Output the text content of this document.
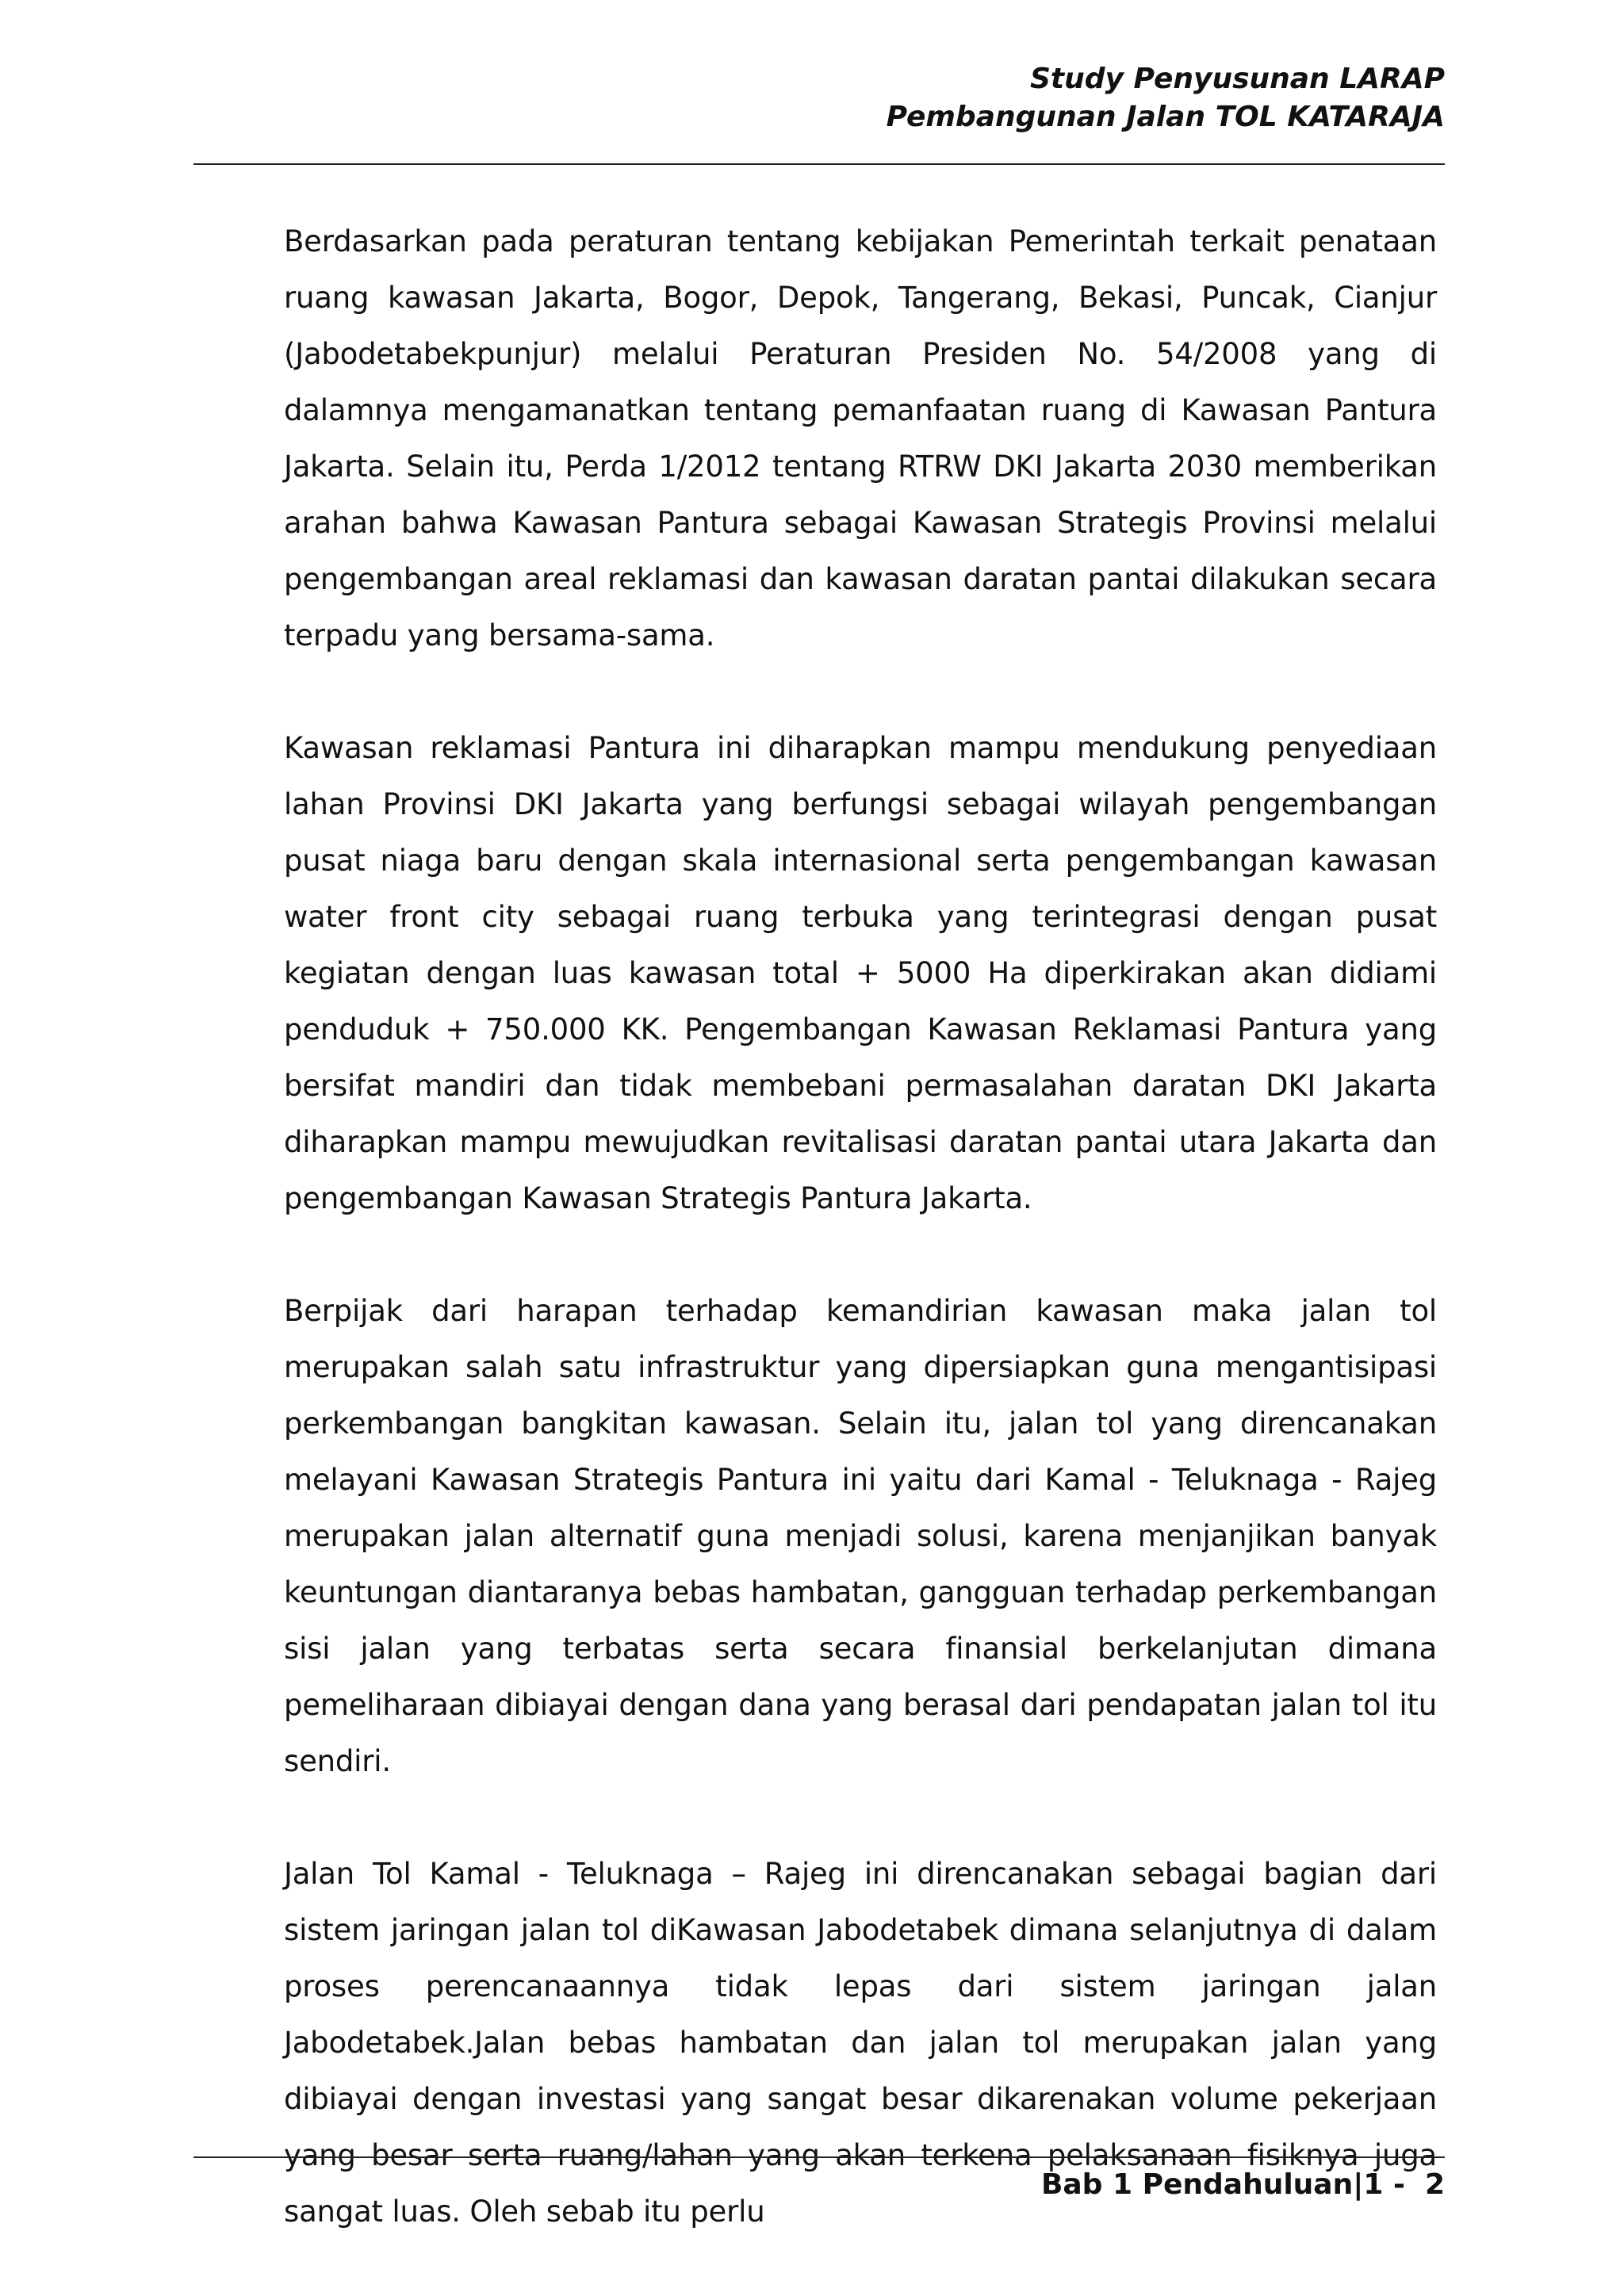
Study Penyusunan LARAP
Pembangunan Jalan TOL KATARAJA

Berdasarkan pada peraturan tentang kebijakan Pemerintah terkait penataan ruang kawasan Jakarta, Bogor, Depok, Tangerang, Bekasi, Puncak, Cianjur (Jabodetabekpunjur) melalui Peraturan Presiden No. 54/2008 yang di dalamnya mengamanatkan tentang pemanfaatan ruang di Kawasan Pantura Jakarta. Selain itu, Perda 1/2012 tentang RTRW DKI Jakarta 2030 memberikan arahan bahwa Kawasan Pantura sebagai Kawasan Strategis Provinsi melalui pengembangan areal reklamasi dan kawasan daratan pantai dilakukan secara terpadu yang bersama-sama.

Kawasan reklamasi Pantura ini diharapkan mampu mendukung penyediaan lahan Provinsi DKI Jakarta yang berfungsi sebagai wilayah pengembangan pusat niaga baru dengan skala internasional serta pengembangan kawasan water front city sebagai ruang terbuka yang terintegrasi dengan pusat kegiatan dengan luas kawasan total + 5000 Ha diperkirakan akan didiami penduduk + 750.000 KK. Pengembangan Kawasan Reklamasi Pantura yang bersifat mandiri dan tidak membebani permasalahan daratan DKI Jakarta diharapkan mampu mewujudkan revitalisasi daratan pantai utara Jakarta dan pengembangan Kawasan Strategis Pantura Jakarta.

Berpijak dari harapan terhadap kemandirian kawasan maka jalan tol merupakan salah satu infrastruktur yang dipersiapkan guna mengantisipasi perkembangan bangkitan kawasan. Selain itu, jalan tol yang direncanakan melayani Kawasan Strategis Pantura ini yaitu dari Kamal - Teluknaga - Rajeg merupakan jalan alternatif guna menjadi solusi, karena menjanjikan banyak keuntungan diantaranya bebas hambatan, gangguan terhadap perkembangan sisi jalan yang terbatas serta secara finansial berkelanjutan dimana pemeliharaan dibiayai dengan dana yang berasal dari pendapatan jalan tol itu sendiri.

Jalan Tol Kamal - Teluknaga – Rajeg ini direncanakan sebagai bagian dari sistem jaringan jalan tol diKawasan Jabodetabek dimana selanjutnya di dalam proses perencanaannya tidak lepas dari sistem jaringan jalan Jabodetabek.Jalan bebas hambatan dan jalan tol merupakan jalan yang dibiayai dengan investasi yang sangat besar dikarenakan volume pekerjaan yang besar serta ruang/lahan yang akan terkena pelaksanaan fisiknya juga sangat luas. Oleh sebab itu perlu

Bab 1 Pendahuluan|1 -  2
